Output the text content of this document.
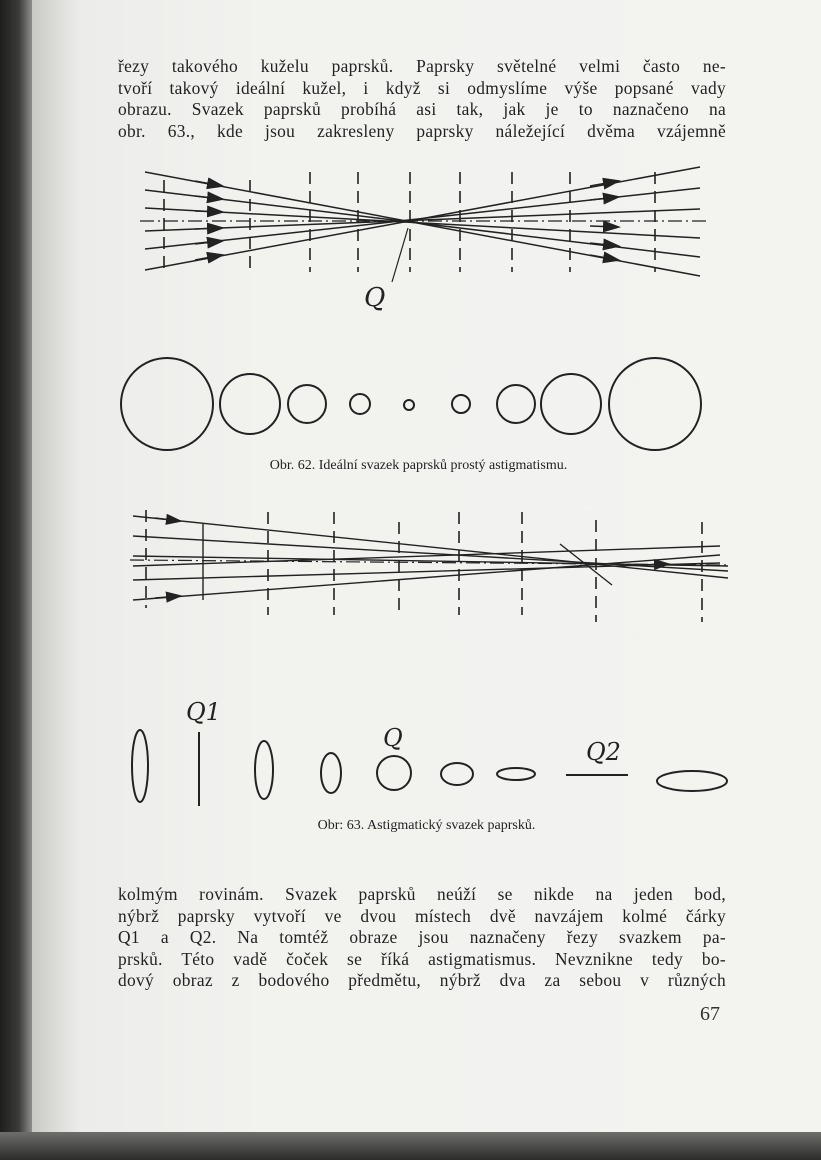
řezy takového kuželu paprsků. Paprsky světelné velmi často ne-
tvoří takový ideální kužel, i když si odmyslíme výše popsané vady
obrazu. Svazek paprsků probíhá asi tak, jak je to naznačeno na
obr. 63., kde jsou zakresleny paprsky náležející dvěma vzájemně
Q
Q1
Q	Q2
Obr. 62. Ideální svazek paprsků prostý astigmatismu.
Obr: 63. Astigmatický svazek paprsků.
kolmým rovinám. Svazek paprsků neúží se nikde na jeden bod,
nýbrž paprsky vytvoří ve dvou místech dvě navzájem kolmé čárky
Q1 a Q2. Na tomtéž obraze jsou naznačeny řezy svazkem pa-
prsků. Této vadě čoček se říká astigmatismus. Nevznikne tedy bo-
dový obraz z bodového předmětu, nýbrž dva za sebou v různých
67
